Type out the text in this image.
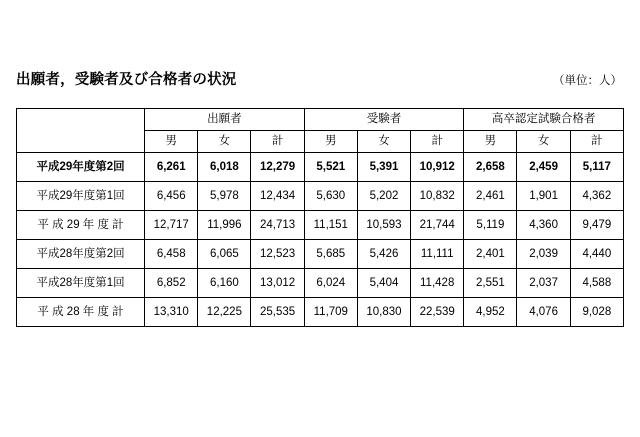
出願者，受験者及び合格者の状況	（単位：人）
	出願者			受験者			高卒認定試験合格者		
	男	女	計	男	女	計	男	女	計
平成29年度第2回	6,261	6,018	12,279	5,521	5,391	10,912	2,658	2,459	5,117
平成29年度第1回	6,456	5,978	12,434	5,630	5,202	10,832	2,461	1,901	4,362
平 成 29 年 度 計	12,717	11,996	24,713	11,151	10,593	21,744	5,119	4,360	9,479
平成28年度第2回	6,458	6,065	12,523	5,685	5,426	11,111	2,401	2,039	4,440
平成28年度第1回	6,852	6,160	13,012	6,024	5,404	11,428	2,551	2,037	4,588
平 成 28 年 度 計	13,310	12,225	25,535	11,709	10,830	22,539	4,952	4,076	9,028
